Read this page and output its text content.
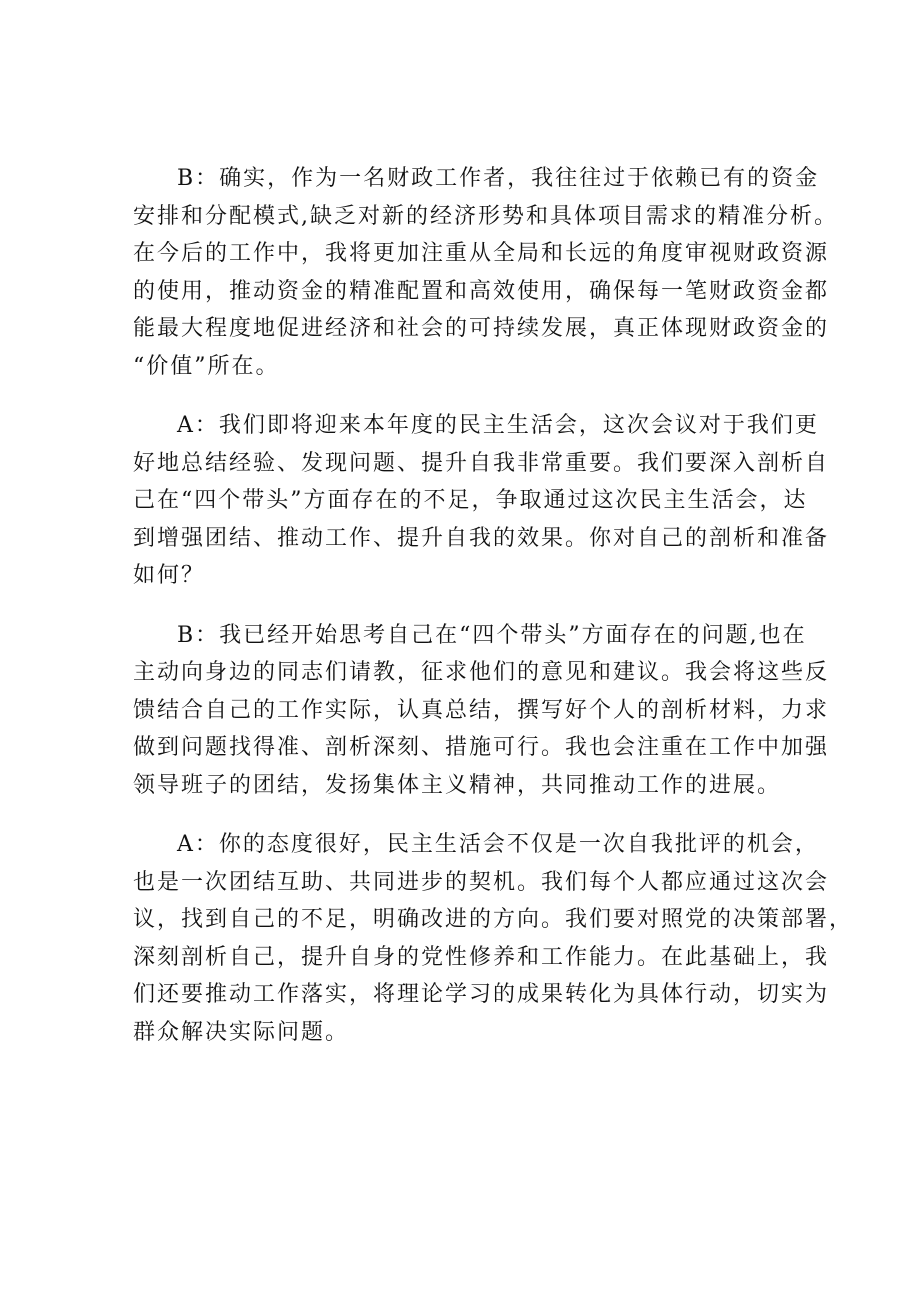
B：确实，作为一名财政工作者，我往往过于依赖已有的资金
安排和分配模式,缺乏对新的经济形势和具体项目需求的精准分析。
在今后的工作中，我将更加注重从全局和长远的角度审视财政资源
的使用，推动资金的精准配置和高效使用，确保每一笔财政资金都
能最大程度地促进经济和社会的可持续发展，真正体现财政资金的
“价值”所在。

A：我们即将迎来本年度的民主生活会，这次会议对于我们更
好地总结经验、发现问题、提升自我非常重要。我们要深入剖析自
己在“四个带头”方面存在的不足，争取通过这次民主生活会，达
到增强团结、推动工作、提升自我的效果。你对自己的剖析和准备
如何？

B：我已经开始思考自己在“四个带头”方面存在的问题,也在
主动向身边的同志们请教，征求他们的意见和建议。我会将这些反
馈结合自己的工作实际，认真总结，撰写好个人的剖析材料，力求
做到问题找得准、剖析深刻、措施可行。我也会注重在工作中加强
领导班子的团结，发扬集体主义精神，共同推动工作的进展。

A：你的态度很好，民主生活会不仅是一次自我批评的机会，
也是一次团结互助、共同进步的契机。我们每个人都应通过这次会
议，找到自己的不足，明确改进的方向。我们要对照党的决策部署，
深刻剖析自己，提升自身的党性修养和工作能力。在此基础上，我
们还要推动工作落实，将理论学习的成果转化为具体行动，切实为
群众解决实际问题。
